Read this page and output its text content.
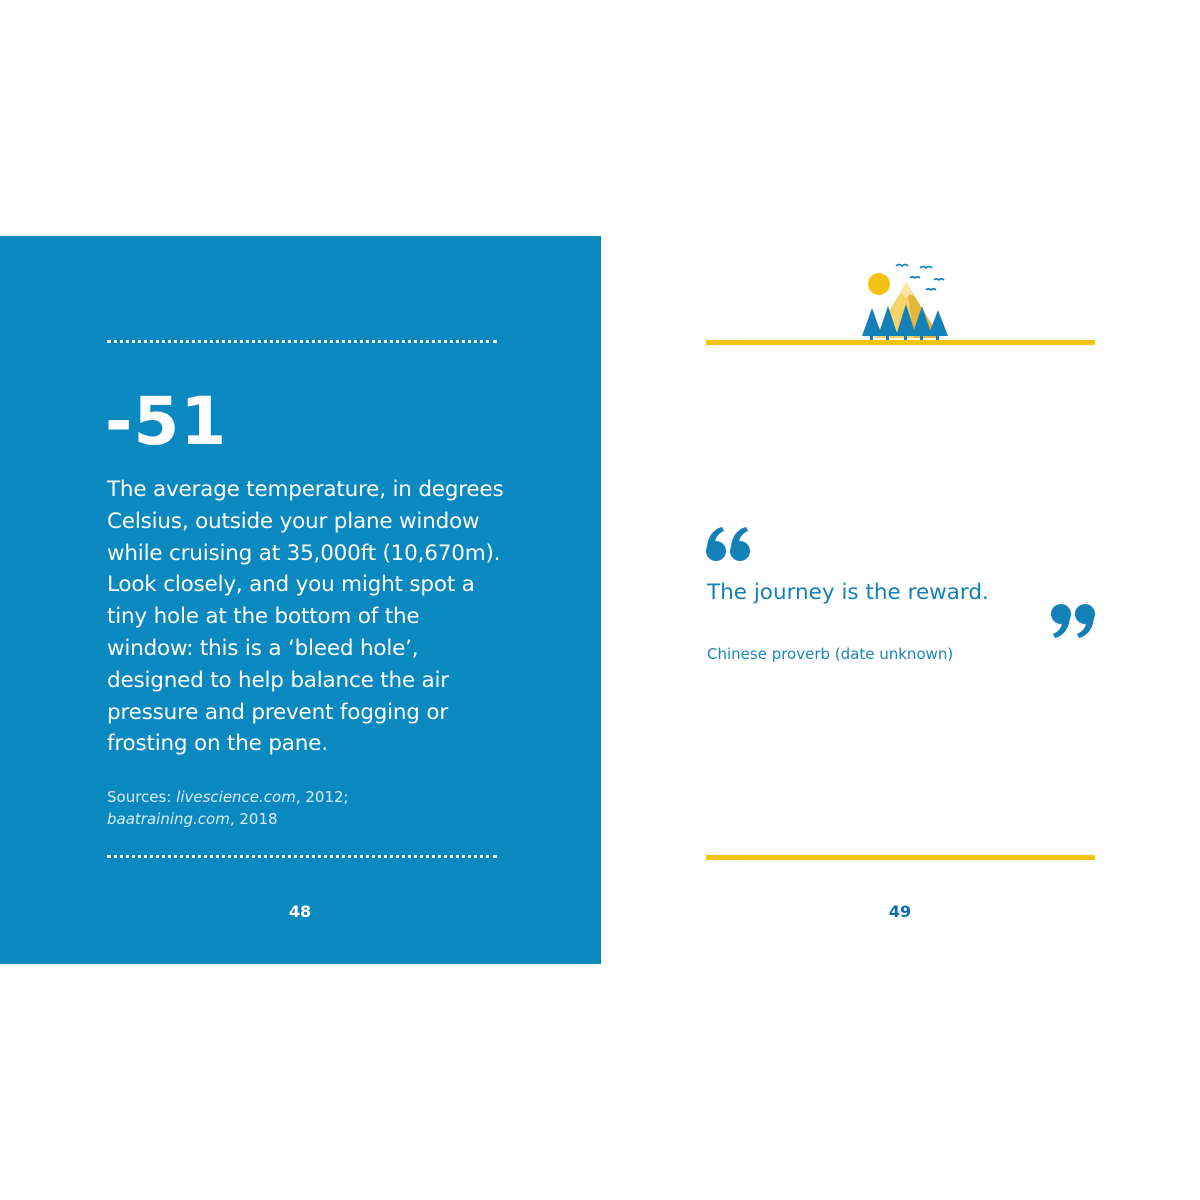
-51
The average temperature, in degrees Celsius, outside your plane window while cruising at 35,000ft (10,670m). Look closely, and you might spot a tiny hole at the bottom of the window: this is a ‘bleed hole’, designed to help balance the air pressure and prevent fogging or frosting on the pane.
Sources: livescience.com, 2012;
baatraining.com, 2018
48
The journey is the reward.
Chinese proverb (date unknown)
49
